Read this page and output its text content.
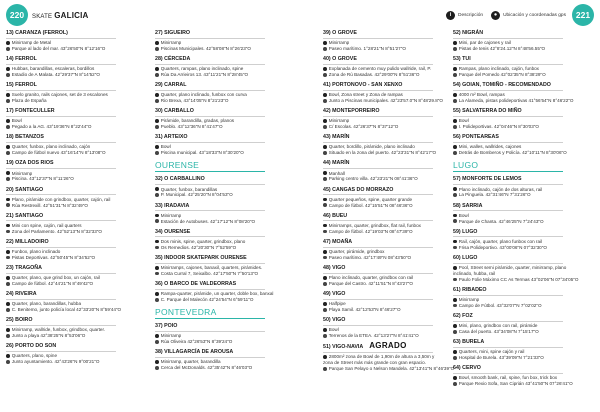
220	SKATE GALICIA	i	Descripción	●	Ubicación y coordenadas gps	221
13) CARANZA (FERROL)
Minirramp de Metal
Parque al lado del mar. 43°26'50"N 8°12'16"O
14) FERROL
Hubbas, barandillas, escaleras, bordillos
Estadio de A Malata. 42°29'37"N 8°14'52"O
15) FERROL
Suelo granito, rails cajones, set de 3 escalones
Plaza de España
17) FONTECULLER
Bowl
Pegado a la AG. 43°19'36"N 8°22'44"O
18) BETANZOS
Quarter, funbox, plano inclinado, cajón
Campo de fútbol nuevo 43°16'14"N 8°13'08"O
19) OZA DOS RIOS
Minirramp
Piscina. 43°12'37"N 8°11'26"O
20) SANTIAGO
Plano, pirámide con grindbox, quarter, cajón, rail
Rúa Restrexill. 42°51'31"N 8°32'49"O
21) SANTIAGO
Mini con spine, cajón, rail quarters
Zona del Parlamento. 42°52'13"N 8°32'33"O
22) MILLADOIRO
Funbox, plano inclinado
Pistas Deportivas. 42°50'45"N 8°34'52"O
23) TRAGOÑA
Quarter, plano, que grind box, un cajón, rail
Campo de fútbol. 42°44'21"N 8°49'42"O
24) RIVEIRA
Quarter, plano, barandillas, hubba
C. Benitemo, junto policía local 42°33'20"N 8°59'44"O
25) BOIRO
Minirramp, wallride, funbox, grindbox, quarter.
Junto a playa 42°38'25"N 8°53'06"O
26) PORTO DO SON
Quarters, plano, spine
Junto ayuntamiento. 42°43'26"N 9°00'21"O
27) SIGUEIRO
Minirramp
Piscinas Municipales. 42°58'08"N 8°26'23"O
28) CÉRCEDA
Quarters, rampas, plano inclinado, spine
Rúa Da Arrieiros 13. 43°11'21"N 8°28'45"O
29) CARRAL
Quarter, plano inclinado, funbox con curva
Rio Brexa, 43°14'05"N 8°21'23"O
30) CARBALLO
Pirámide, barandilla, gradas, planos
Pueblo. 43°12'36"N 8°41'47"O
31) ARTEIXO
Bowl
Piscina municipal. 43°18'33"N 8°30'20"O
OURENSE
32) O CARBALLINO
Quarter, funbox, barandillas
P. Municipal. 42°25'20"N 8°04'53"O
33) IRADAVIA
Minirramp
Estación de Autobuses. 42°17'12"N 8°08'20"O
34) OURENSE
Dos minis, spine, quarter, grindbox, plano
Os Remedios. 42°20'30"N 7°52'59"O
35) INDOOR SKATEPARK OURENSE
Minirramps, cajones, banaxil, quarters, pirámides.
Costa Curral 7, Seixalbo. 42°17'50"N 7°50'13"O
36) O BARCO DE VALDEORRAS
Rampa-quarter, pirámide, un quarter, doble box, banxal
C. Parque del Malecón 42°24'54"N 6°59'11"O
PONTEVEDRA
37) POIO
Minirramp
Rúa Oliveira 42°26'53"N 8°39'24"O
38) VILLAGARCÍA DE AROUSA
Minirramp, quarter, barandilla
Cerca del McDonalds. 42°35'42"N 8°46'03"O
39) O GROVE
Minirramp
Paseo marítimo. 1°28'21"N 8°51'27"O
40) O GROVE
Explanada de cemento muy pulido wallride, rail, P.
Zona de Rú Basadas. 42°29'00"N 8°51'36"O
41) PORTONOVO - SAN XENXO
Bowl, Zona street y Zona de rampas
Junto a Piscinas municipales. 42°23'57.0"N 8°48'29.8"O
42) MONTEPORREIRO
Minirramp
C/ Escolas. 42°26'37"N 8°37'12"O
43) MARÍN
Quarter, bordillo, pirámide, plano inclinado
Situado en la zona del puerto. 42°23'31"N 8°42'17"O
44) MARÍN
Manhall
Parking centro villa. 42°23'21"N 08°41'36"O
45) CANGAS DO MORRAZO
Quarter pequeños, spine, quarter grande
Campo de fútbol. 42°15'51"N 08°46'36"O
46) BUEU
Minirramps, quarter, grindbox, flat rail, funbox
Campo de fútbol. 42°19'03"N 08°47'39"O
47) MOAÑA
Quarter, pirámide, grindbox
Paseo marítimo. 42°17'49"N 08°43'50"O
48) VIGO
Plano inclinado, quarter, grindbox con rail
Parque del Castro. 42°11'51"N 8°43'27"O
49) VIGO
Halfpipe
Playa Samil. 42°12'53"N 8°46'27"O
50) VIGO
Bowl
Terrenos de la ETEA. 42°13'27"N 8°41'41"O
51) VIGO-NAVIA AGRADO
2800m² zona de Bowl de 1,90m de altura a 3,50m y
zona de Street más más grande con gran espacio.
Parque San Pelayo o Nelson Mandela. 42°13'41"N 8°46'39"O
52) NIGRÁN
Mini, par de cajones y rail
Pistas de tenis 42°8'24.12"N 8°48'56.55"O
53) TUI
Rampas, plano inclinado, cajón, funbox
Parque del Pomedo 42°02'35"N 8°38'29"O
54) GOIAN, TOMIÑO - RECOMENDADO
4000 m² Bowl, rampas
La Alameda, pistas polideportivas 41°56'54"N 8°46'22"O
55) SALVATERRA DO MIÑO
Bowl
I. Polideportivas. 42°04'46"N 8°30'03"O
56) PONTEAREAS
Mini, walles, wallrides, cajones
Detrás de Bomberos y Policía. 42°10'11"N 8°30'06"O
LUGO
57) MONFORTE DE LEMOS
Plano inclinado, cajón de dos alturas, rail
La Pinguela. 42°31'46"N 7°31'26"O
58) SARRIA
Bowl
Parque de Chanta. 42°46'25"N 7°24'43"O
59) LUGO
Rail, cajón, quarter, plano funbox con rail
Frisa Polideportivo. 43°00'06"N 07°32'30"O
60) LUGO
Pool, Street semi pirámide, quarter, minirramp, plano
inclinado, hubba, rail
Paulo Folie Máximo CC As Termas 43°02'06"N 07°34'05"O
61) RIBADEO
Minirramp
Campo de Fútbol. 43°32'07"N 7°02'02"O
62) FOZ
Mini, plano, grindbox con rail, pirámide
Casa del puerto. 43°34'08"N 7°15'17"O
63) BURELA
Quarters, mini, spine cajón y rail
Hospital de Burela. 43°39'09"N 7°21'33"O
64) CERVO
Bowl, smooth bank, rail, spine, fun box, trick box
Parque Rexio Sofa, San Ciprián 43°41'50"N 07°26'41"O
